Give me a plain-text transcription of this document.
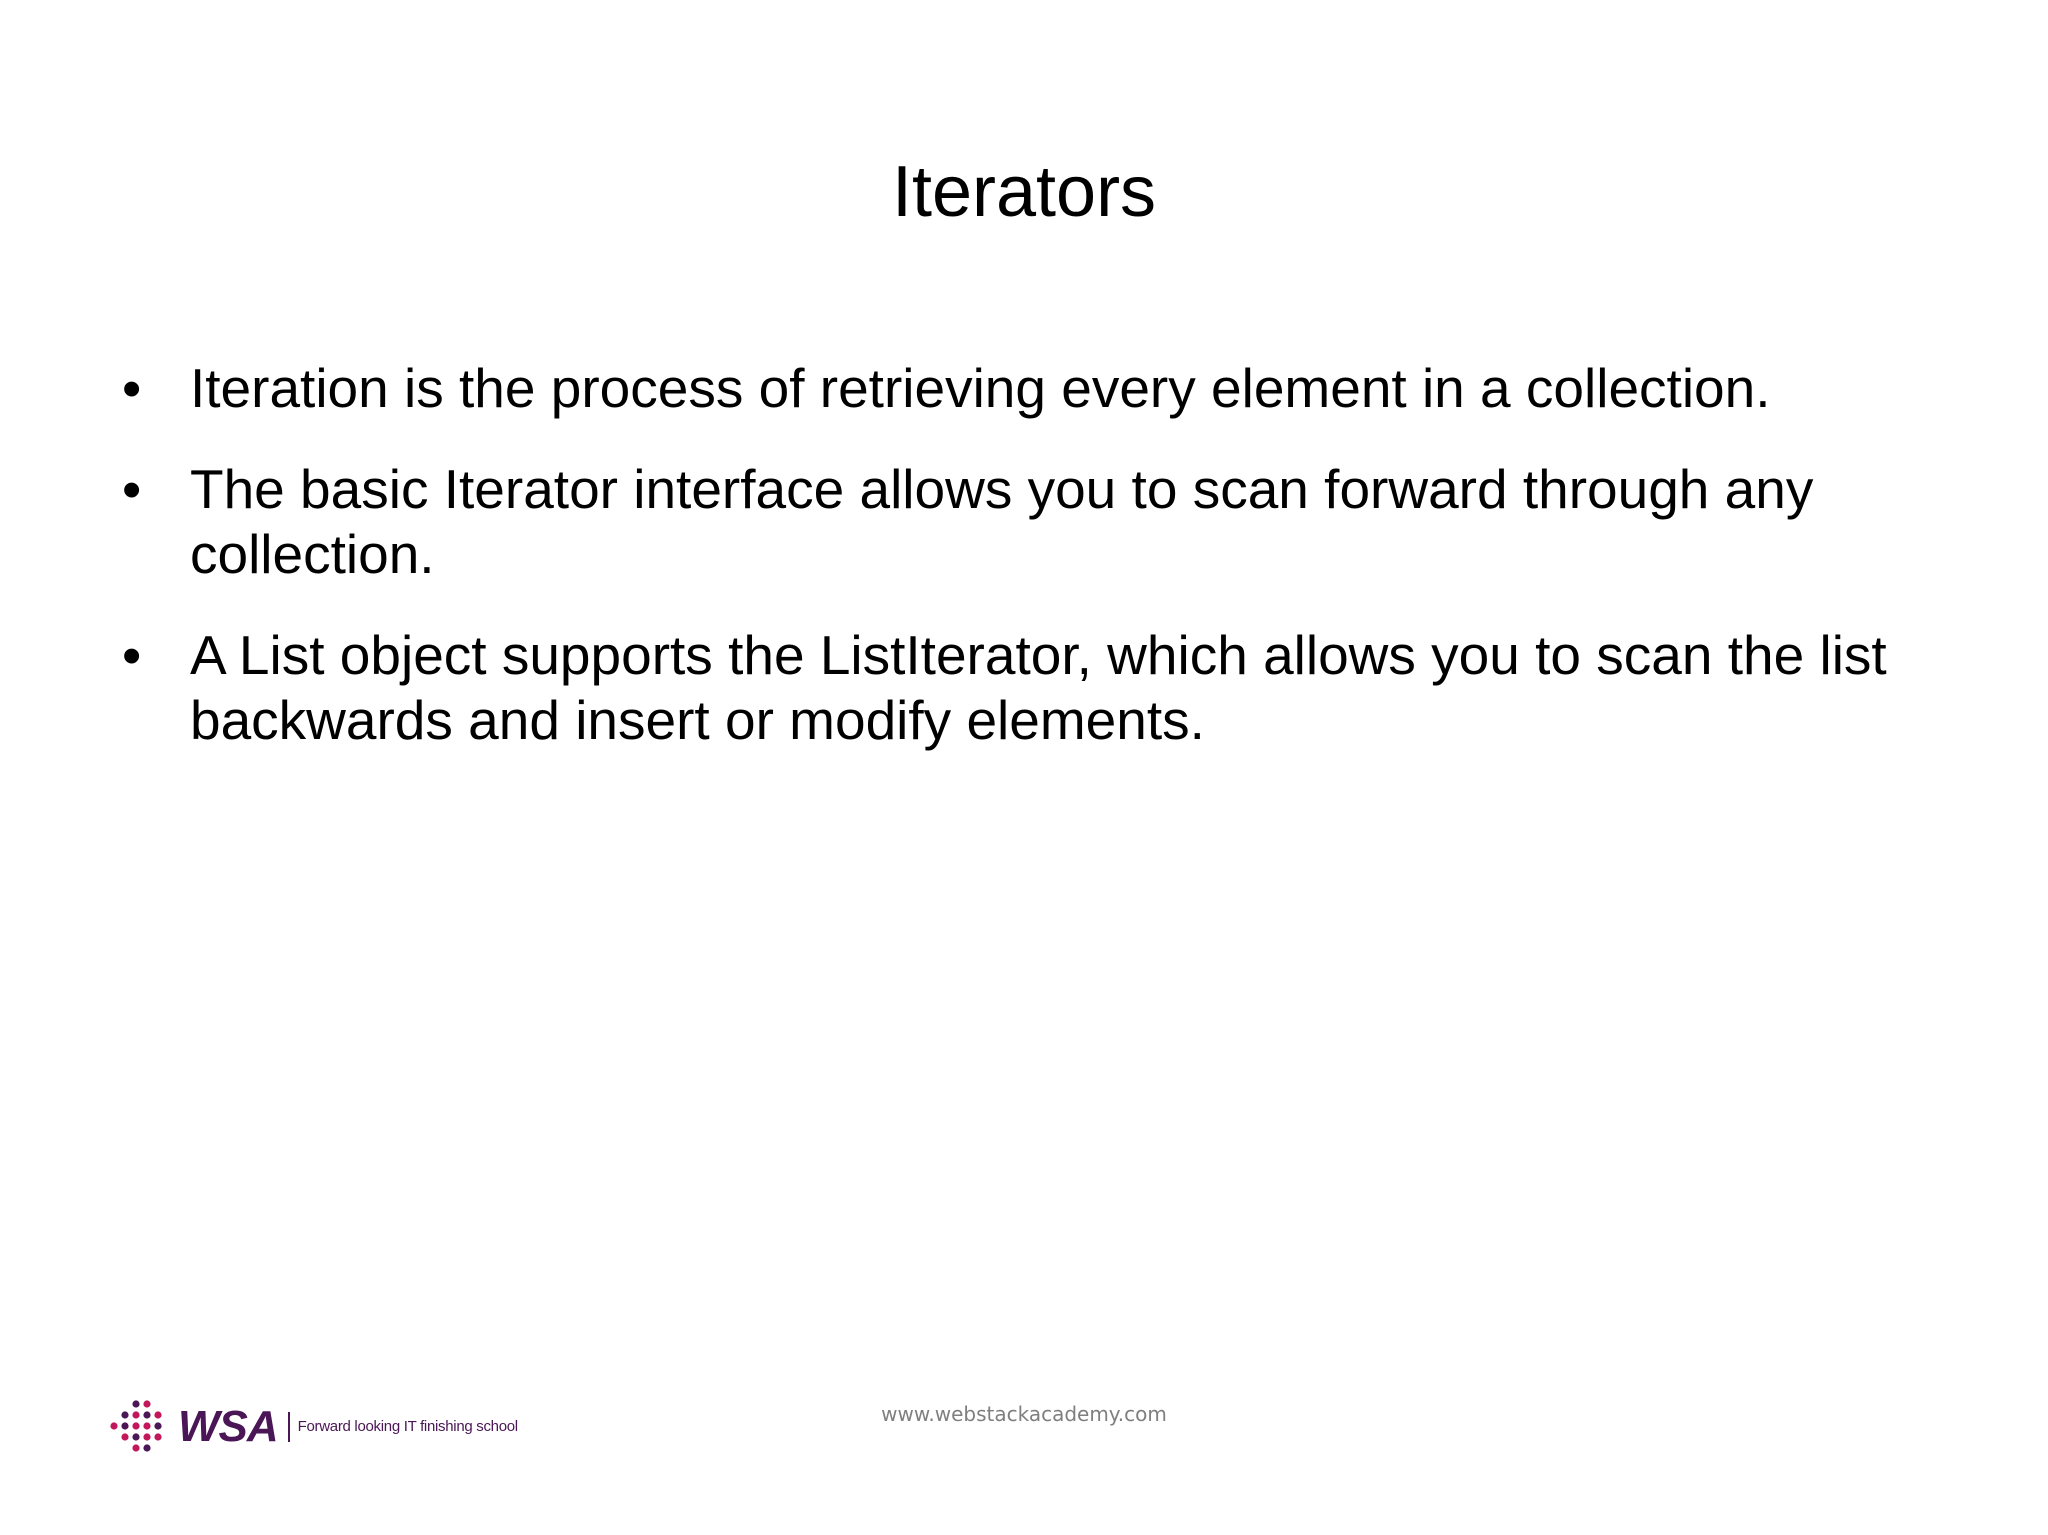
Iterators
• Iteration is the process of retrieving every element in a collection.
• The basic Iterator interface allows you to scan forward through any collection.
• A List object supports the ListIterator, which allows you to scan the list backwards and insert or modify elements.
WSA Forward looking IT finishing school
www.webstackacademy.com
